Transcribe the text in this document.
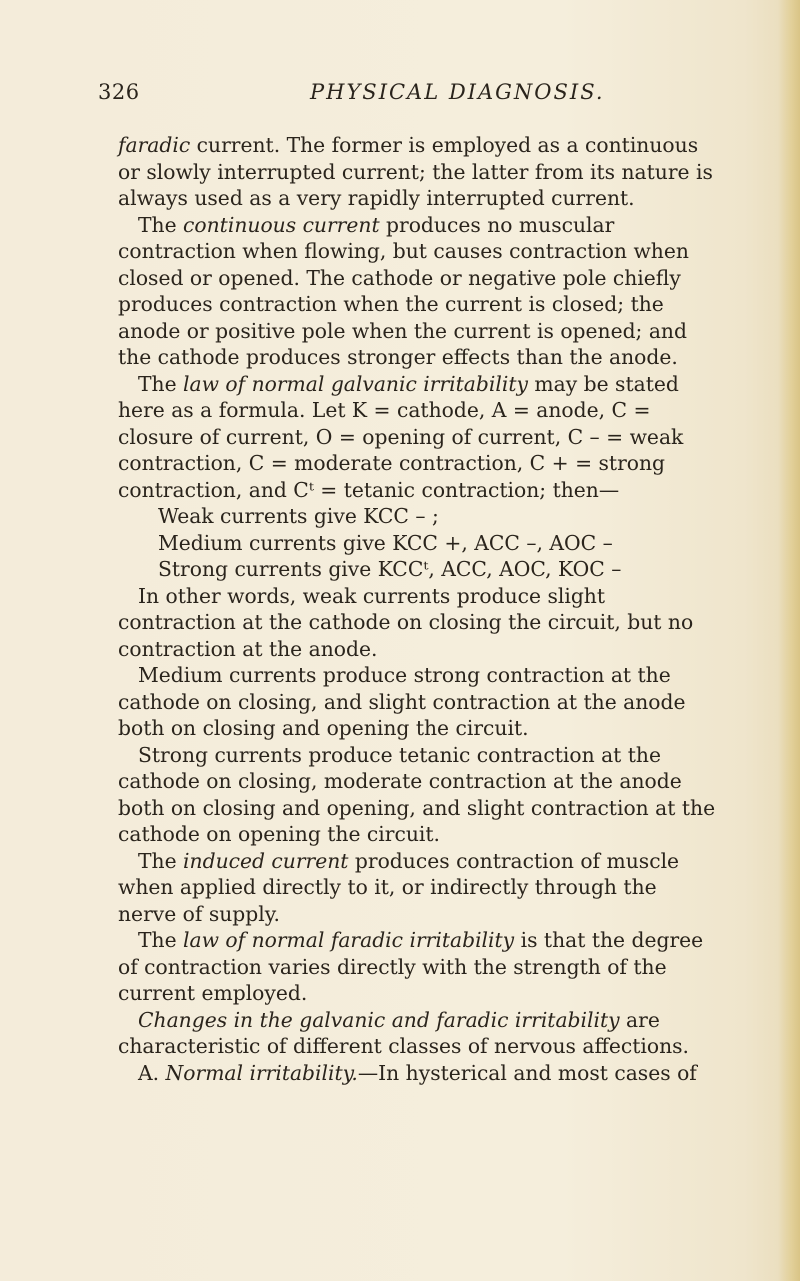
326	PHYSICAL DIAGNOSIS.

faradic current. The former is employed as a continuous or slowly interrupted current; the latter from its nature is always used as a very rapidly interrupted current.

The continuous current produces no muscular contraction when flowing, but causes contraction when closed or opened. The cathode or negative pole chiefly produces contraction when the current is closed; the anode or positive pole when the current is opened; and the cathode produces stronger effects than the anode.

The law of normal galvanic irritability may be stated here as a formula. Let K = cathode, A = anode, C = closure of current, O = opening of current, C – = weak contraction, C = moderate contraction, C + = strong contraction, and Cᵗ = tetanic contraction; then—

Weak currents give KCC – ;

Medium currents give KCC +, ACC –, AOC –

Strong currents give KCCᵗ, ACC, AOC, KOC –

In other words, weak currents produce slight contraction at the cathode on closing the circuit, but no contraction at the anode.

Medium currents produce strong contraction at the cathode on closing, and slight contraction at the anode both on closing and opening the circuit.

Strong currents produce tetanic contraction at the cathode on closing, moderate contraction at the anode both on closing and opening, and slight contraction at the cathode on opening the circuit.

The induced current produces contraction of muscle when applied directly to it, or indirectly through the nerve of supply.

The law of normal faradic irritability is that the degree of contraction varies directly with the strength of the current employed.

Changes in the galvanic and faradic irritability are characteristic of different classes of nervous affections.

A. Normal irritability.—In hysterical and most cases of
